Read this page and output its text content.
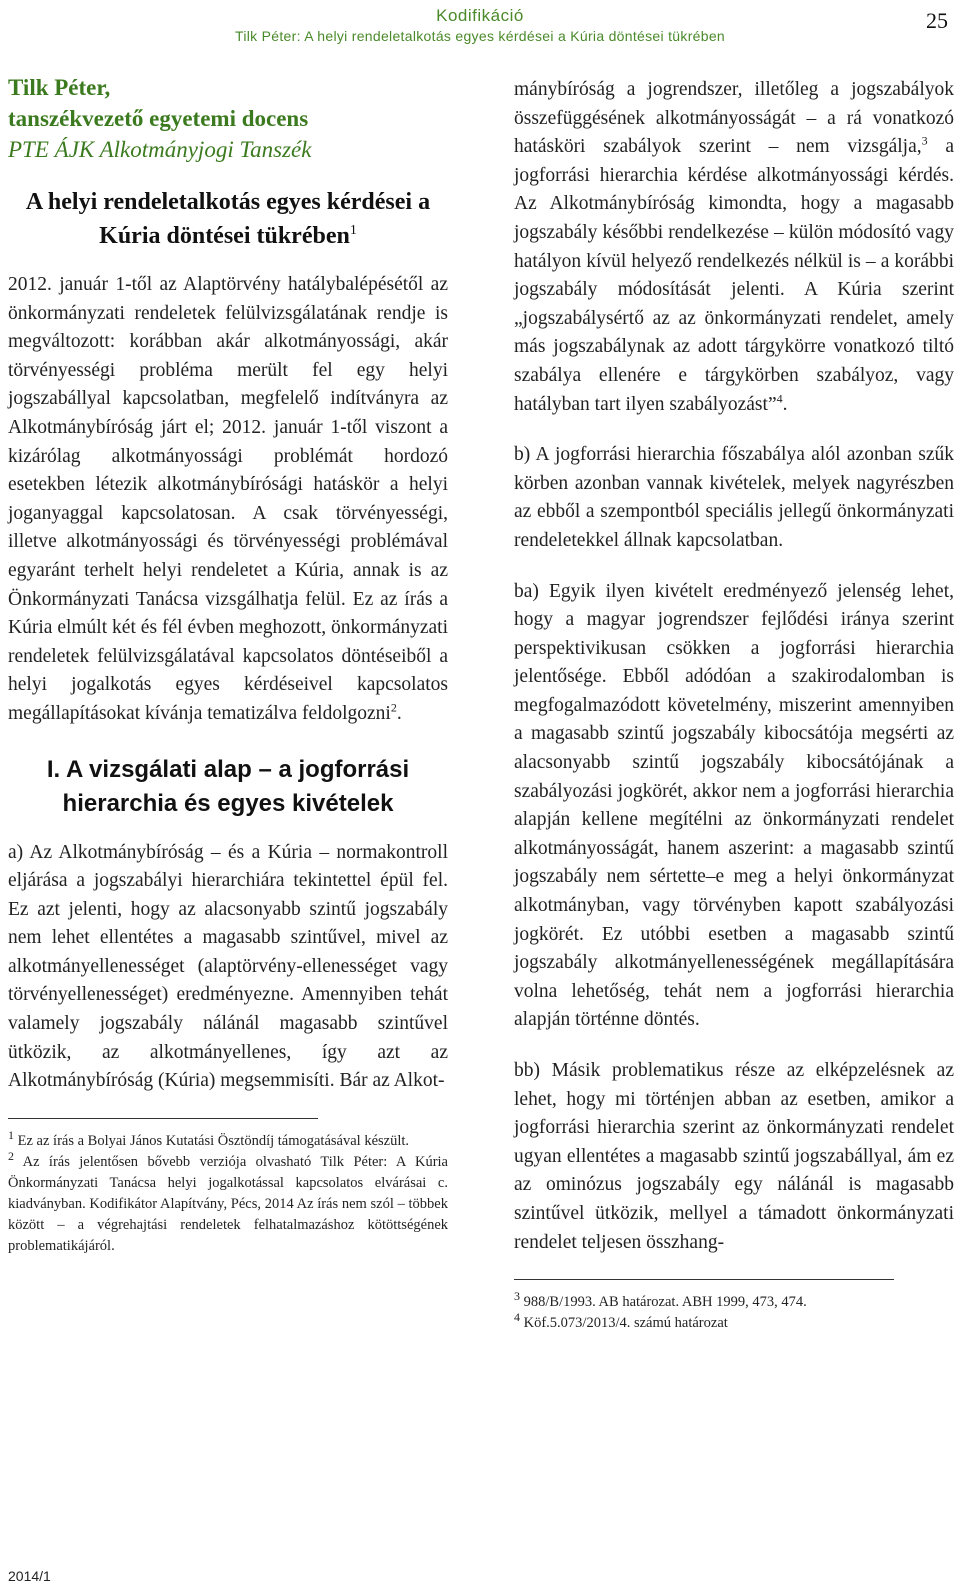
Kodifikáció
Tilk Péter: A helyi rendeletalkotás egyes kérdései a Kúria döntései tükrében
25
Tilk Péter,
tanszékvezető egyetemi docens
PTE ÁJK Alkotmányjogi Tanszék
A helyi rendeletalkotás egyes kérdései a Kúria döntései tükrében$^1$
2012. január 1-től az Alaptörvény hatálybalépésétől az önkormányzati rendeletek felülvizsgálatának rendje is megváltozott: korábban akár alkotmányossági, akár törvényességi probléma merült fel egy helyi jogszabállyal kapcsolatban, megfelelő indítványra az Alkotmánybíróság járt el; 2012. január 1-től viszont a kizárólag alkotmányossági problémát hordozó esetekben létezik alkotmánybírósági hatáskör a helyi joganyaggal kapcsolatosan. A csak törvényességi, illetve alkotmányossági és törvényességi problémával egyaránt terhelt helyi rendeletet a Kúria, annak is az Önkormányzati Tanácsa vizsgálhatja felül. Ez az írás a Kúria elmúlt két és fél évben meghozott, önkormányzati rendeletek felülvizsgálatával kapcsolatos döntéseiből a helyi jogalkotás egyes kérdéseivel kapcsolatos megállapításokat kívánja tematizálva feldolgozni$^2$.
I. A vizsgálati alap – a jogforrási hierarchia és egyes kivételek
a) Az Alkotmánybíróság – és a Kúria – normakontroll eljárása a jogszabályi hierarchiára tekintettel épül fel. Ez azt jelenti, hogy az alacsonyabb szintű jogszabály nem lehet ellentétes a magasabb szintűvel, mivel az alkotmányellenességet (alaptörvény-ellenességet vagy törvényellenességet) eredményezne. Amennyiben tehát valamely jogszabály nálánál magasabb szintűvel ütközik, az alkotmányellenes, így azt az Alkotmánybíróság (Kúria) megsemmisíti. Bár az Alkot-
$^1$ Ez az írás a Bolyai János Kutatási Ösztöndíj támogatásával készült.
$^2$ Az írás jelentősen bővebb verziója olvasható Tilk Péter: A Kúria Önkormányzati Tanácsa helyi jogalkotással kapcsolatos elvárásai c. kiadványban. Kodifikátor Alapítvány, Pécs, 2014 Az írás nem szól – többek között – a végrehajtási rendeletek felhatalmazáshoz kötöttségének problematikájáról.
mánybíróság a jogrendszer, illetőleg a jogszabályok összefüggésének alkotmányosságát – a rá vonatkozó hatásköri szabályok szerint – nem vizsgálja,$^3$ a jogforrási hierarchia kérdése alkotmányossági kérdés. Az Alkotmánybíróság kimondta, hogy a magasabb jogszabály későbbi rendelkezése – külön módosító vagy hatályon kívül helyező rendelkezés nélkül is – a korábbi jogszabály módosítását jelenti. A Kúria szerint „jogszabálysértő az az önkormányzati rendelet, amely más jogszabálynak az adott tárgykörre vonatkozó tiltó szabálya ellenére e tárgykörben szabályoz, vagy hatályban tart ilyen szabályozást”$^4$.
b) A jogforrási hierarchia főszabálya alól azonban szűk körben azonban vannak kivételek, melyek nagyrészben az ebből a szempontból speciális jellegű önkormányzati rendeletekkel állnak kapcsolatban.
ba) Egyik ilyen kivételt eredményező jelenség lehet, hogy a magyar jogrendszer fejlődési iránya szerint perspektivikusan csökken a jogforrási hierarchia jelentősége. Ebből adódóan a szakirodalomban is megfogalmazódott követelmény, miszerint amennyiben a magasabb szintű jogszabály kibocsátója megsérti az alacsonyabb szintű jogszabály kibocsátójának a szabályozási jogkörét, akkor nem a jogforrási hierarchia alapján kellene megítélni az önkormányzati rendelet alkotmányosságát, hanem aszerint: a magasabb szintű jogszabály nem sértette–e meg a helyi önkormányzat alkotmányban, vagy törvényben kapott szabályozási jogkörét. Ez utóbbi esetben a magasabb szintű jogszabály alkotmányellenességének megállapítására volna lehetőség, tehát nem a jogforrási hierarchia alapján történne döntés.
bb) Másik problematikus része az elképzelésnek az lehet, hogy mi történjen abban az esetben, amikor a jogforrási hierarchia szerint az önkormányzati rendelet ugyan ellentétes a magasabb szintű jogszabállyal, ám ez az ominózus jogszabály egy nálánál is magasabb szintűvel ütközik, mellyel a támadott önkormányzati rendelet teljesen összhang-
$^3$ 988/B/1993. AB határozat. ABH 1999, 473, 474.
$^4$ Köf.5.073/2013/4. számú határozat
2014/1
